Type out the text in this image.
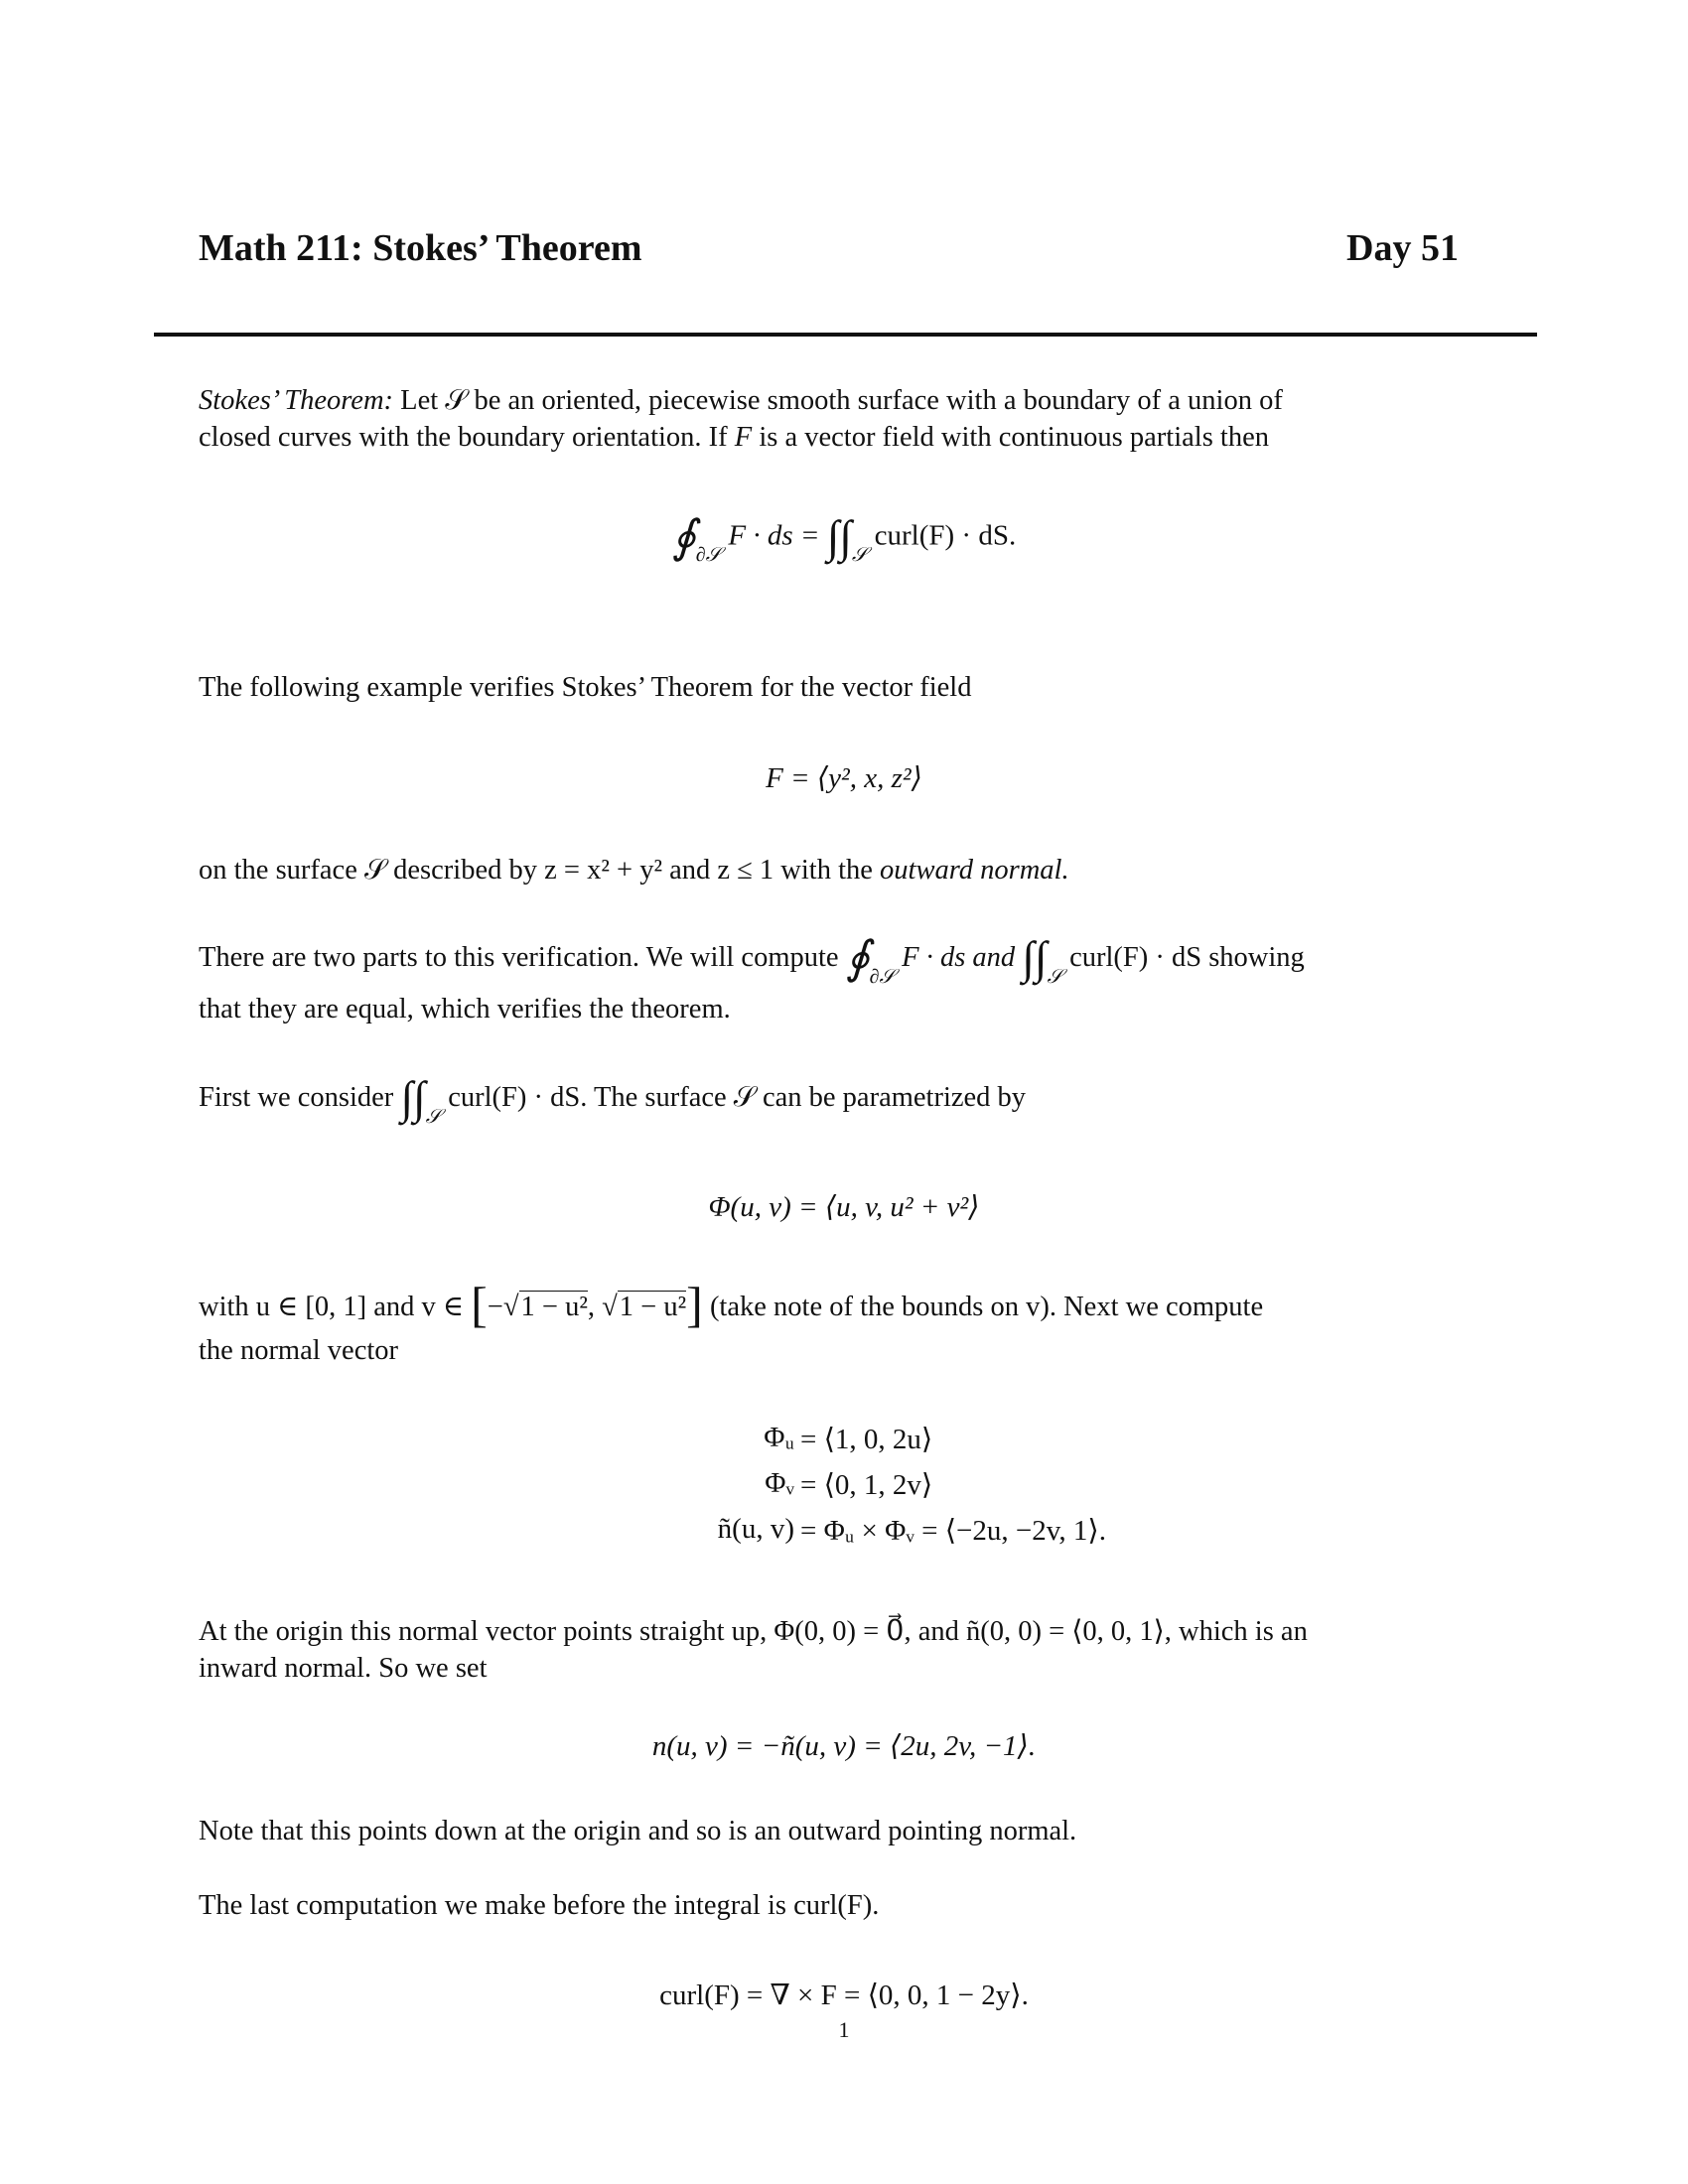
Math 211: Stokes’ Theorem	Day 51
Stokes’ Theorem: Let 𝒮 be an oriented, piecewise smooth surface with a boundary of a union of
closed curves with the boundary orientation. If F is a vector field with continuous partials then
$∮_{\partial 𝒮}$ F · ds = $\int\int_𝒮$ curl(F) · dS.
The following example verifies Stokes’ Theorem for the vector field
F = ⟨y², x, z²⟩
on the surface 𝒮 described by z = x² + y² and z ≤ 1 with the outward normal.
There are two parts to this verification. We will compute $∮_{\partial 𝒮}$ F · ds and $\int\int_𝒮$ curl(F) · dS showing
that they are equal, which verifies the theorem.
First we consider $\int\int_𝒮$ curl(F) · dS. The surface 𝒮 can be parametrized by
Φ(u, v) = ⟨u, v, u² + v²⟩
with u ∈ [0, 1] and v ∈ [−√1 − u², √1 − u²] (take note of the bounds on v). Next we compute
the normal vector
Φᵤ = ⟨1, 0, 2u⟩
Φᵥ = ⟨0, 1, 2v⟩
ñ(u, v) = Φᵤ × Φᵥ = ⟨−2u, −2v, 1⟩.
At the origin this normal vector points straight up, Φ(0, 0) = 0⃗, and ñ(0, 0) = ⟨0, 0, 1⟩, which is an
inward normal. So we set
n(u, v) = −ñ(u, v) = ⟨2u, 2v, −1⟩.
Note that this points down at the origin and so is an outward pointing normal.
The last computation we make before the integral is curl(F).
curl(F) = ∇ × F = ⟨0, 0, 1 − 2y⟩.
1
